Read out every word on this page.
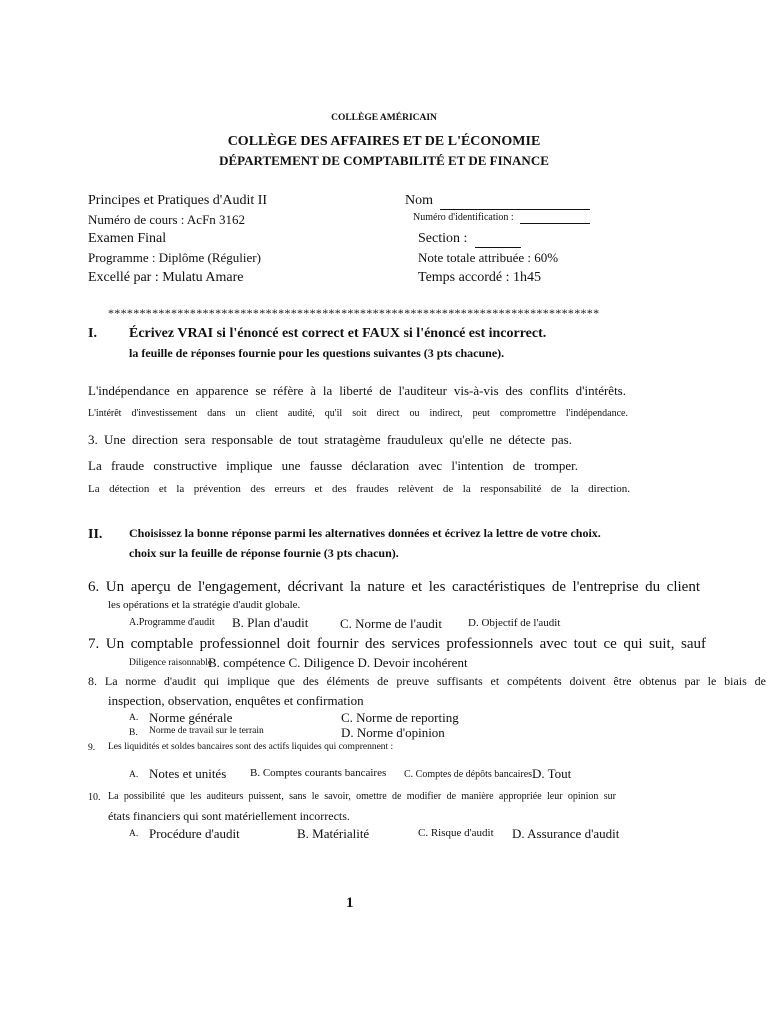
COLLÈGE AMÉRICAIN
COLLÈGE DES AFFAIRES ET DE L'ÉCONOMIE
DÉPARTEMENT DE COMPTABILITÉ ET DE FINANCE
Principes et Pratiques d'Audit II	Nom
Numéro de cours : AcFn 3162	Numéro d'identification :
Examen Final	Section :
Programme : Diplôme (Régulier)	Note totale attribuée : 60%
Excellé par : Mulatu Amare	Temps accordé : 1h45
******************************************************************************
I. Écrivez VRAI si l'énoncé est correct et FAUX si l'énoncé est incorrect.
la feuille de réponses fournie pour les questions suivantes (3 pts chacune).
L'indépendance en apparence se réfère à la liberté de l'auditeur vis-à-vis des conflits d'intérêts.
L'intérêt d'investissement dans un client audité, qu'il soit direct ou indirect, peut compromettre l'indépendance.
3. Une direction sera responsable de tout stratagème frauduleux qu'elle ne détecte pas.
La fraude constructive implique une fausse déclaration avec l'intention de tromper.
La détection et la prévention des erreurs et des fraudes relèvent de la responsabilité de la direction.
II. Choisissez la bonne réponse parmi les alternatives données et écrivez la lettre de votre choix.
choix sur la feuille de réponse fournie (3 pts chacun).
6. Un aperçu de l'engagement, décrivant la nature et les caractéristiques de l'entreprise du client
les opérations et la stratégie d'audit globale.
A.Programme d'audit B. Plan d'audit C. Norme de l'audit D. Objectif de l'audit
7. Un comptable professionnel doit fournir des services professionnels avec tout ce qui suit, sauf
Diligence raisonnable
B. compétence C. Diligence D. Devoir incohérent
8. La norme d'audit qui implique que des éléments de preuve suffisants et compétents doivent être obtenus par le biais de
inspection, observation, enquêtes et confirmation
A. Norme générale	C. Norme de reporting
B. Norme de travail sur le terrain	D. Norme d'opinion
9. Les liquidités et soldes bancaires sont des actifs liquides qui comprennent :
A. Notes et unités B. Comptes courants bancaires C. Comptes de dépôts bancaires D. Tout
10. La possibilité que les auditeurs puissent, sans le savoir, omettre de modifier de manière appropriée leur opinion sur
états financiers qui sont matériellement incorrects.
A. Procédure d'audit	B. Matérialité	C. Risque d'audit D. Assurance d'audit
1
